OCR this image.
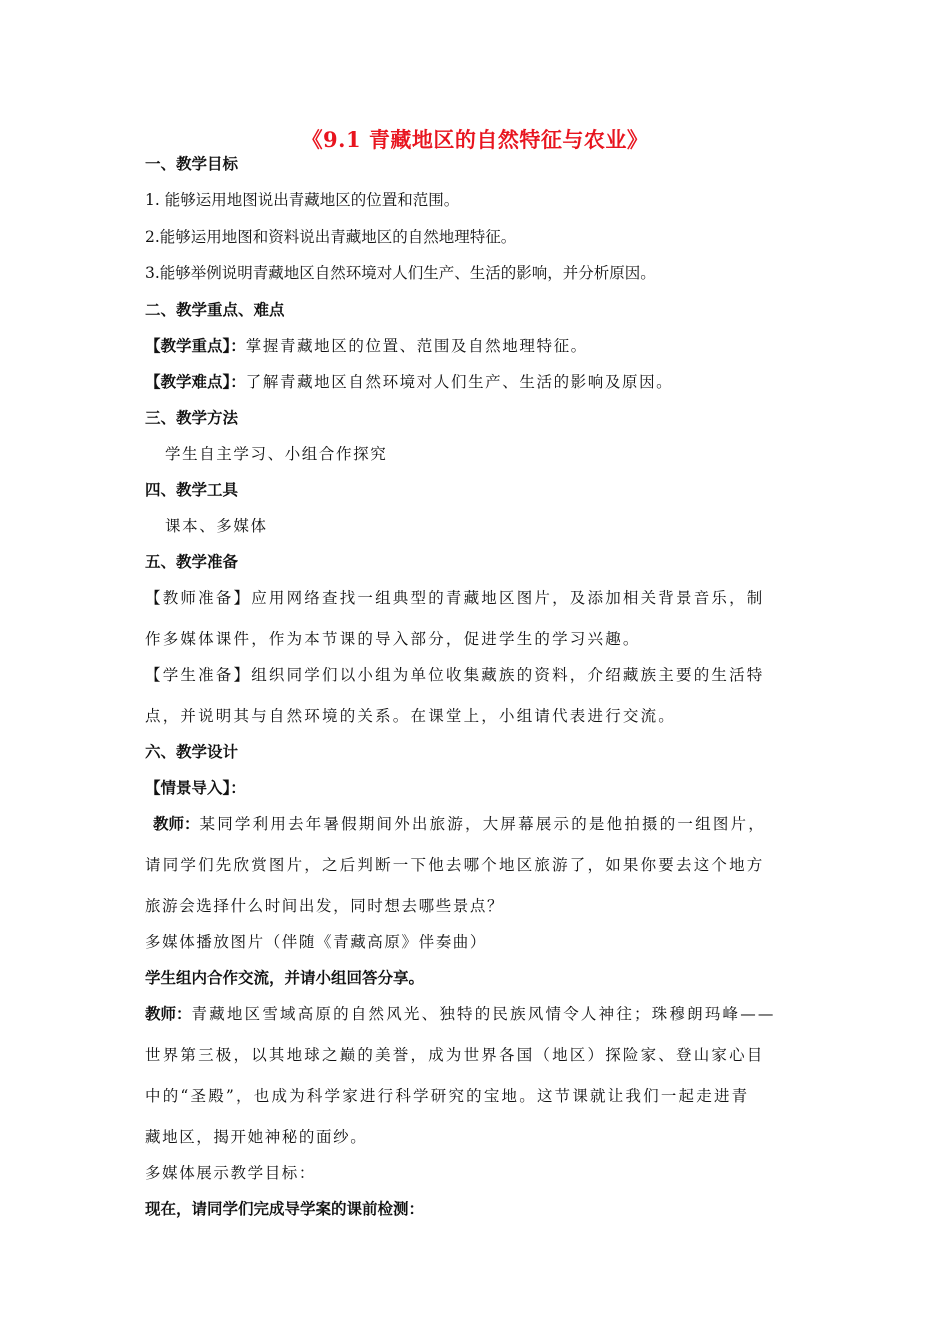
《9.1 青藏地区的自然特征与农业》
一、教学目标
1. 能够运用地图说出青藏地区的位置和范围。
2.能够运用地图和资料说出青藏地区的自然地理特征。
3.能够举例说明青藏地区自然环境对人们生产、生活的影响，并分析原因。
二、教学重点、难点
【教学重点】：掌握青藏地区的位置、范围及自然地理特征。
【教学难点】：了解青藏地区自然环境对人们生产、生活的影响及原因。
三、教学方法
学生自主学习、小组合作探究
四、教学工具
课本、多媒体
五、教学准备
【教师准备】应用网络查找一组典型的青藏地区图片，及添加相关背景音乐，制
作多媒体课件，作为本节课的导入部分，促进学生的学习兴趣。
【学生准备】组织同学们以小组为单位收集藏族的资料，介绍藏族主要的生活特
点，并说明其与自然环境的关系。在课堂上，小组请代表进行交流。
六、教学设计
【情景导入】：
教师：某同学利用去年暑假期间外出旅游，大屏幕展示的是他拍摄的一组图片，
请同学们先欣赏图片，之后判断一下他去哪个地区旅游了，如果你要去这个地方
旅游会选择什么时间出发，同时想去哪些景点？
多媒体播放图片（伴随《青藏高原》伴奏曲）
学生组内合作交流，并请小组回答分享。
教师：青藏地区雪域高原的自然风光、独特的民族风情令人神往；珠穆朗玛峰——
世界第三极，以其地球之巅的美誉，成为世界各国（地区）探险家、登山家心目
中的“圣殿”，也成为科学家进行科学研究的宝地。这节课就让我们一起走进青
藏地区，揭开她神秘的面纱。
多媒体展示教学目标：
现在，请同学们完成导学案的课前检测：
